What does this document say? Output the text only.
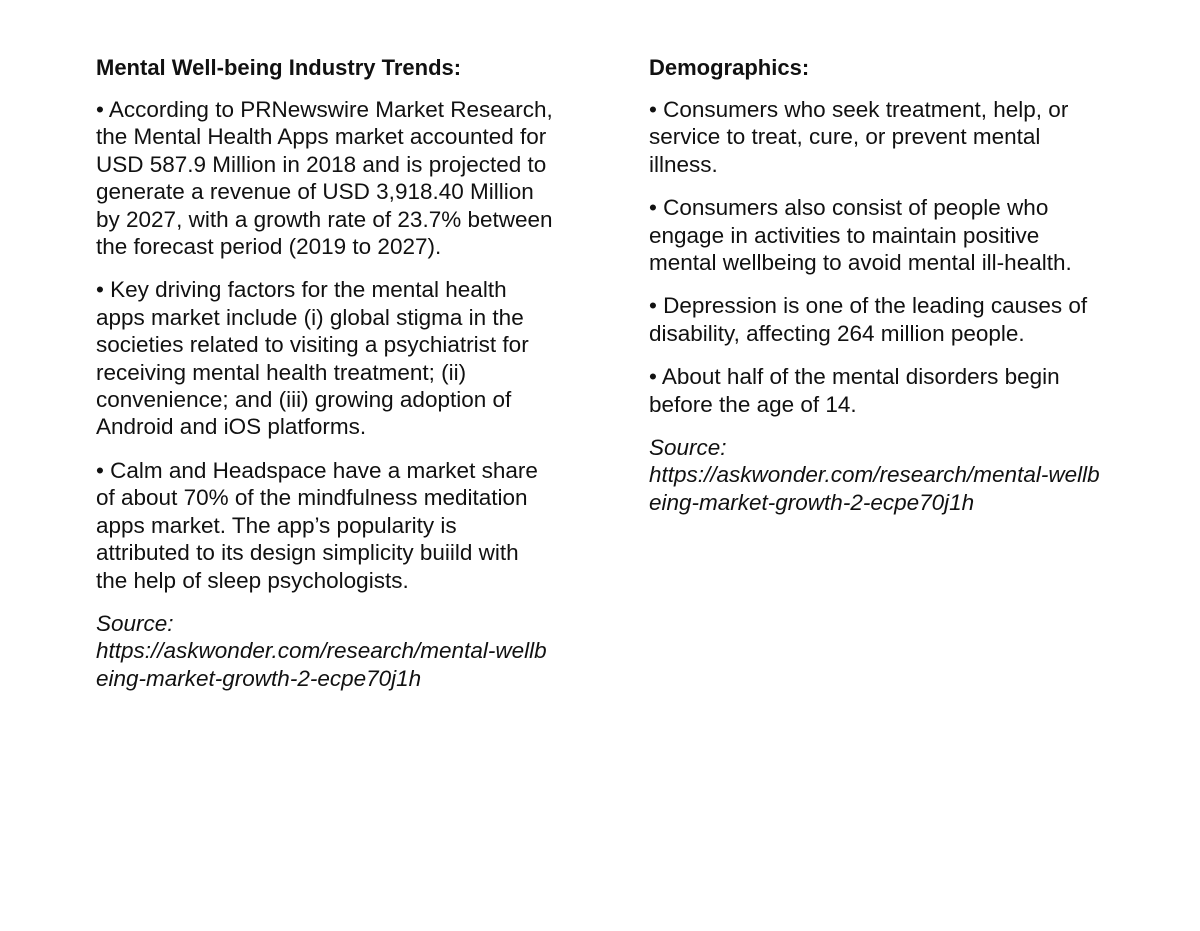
Mental Well-being Industry Trends:
• According to PRNewswire Market Research, the Mental Health Apps market accounted for USD 587.9 Million in 2018 and is projected to generate a revenue of USD 3,918.40 Million by 2027, with a growth rate of 23.7% between the forecast period (2019 to 2027).
• Key driving factors for the mental health apps market include (i) global stigma in the societies related to visiting a psychiatrist for receiving mental health treatment; (ii) convenience; and (iii) growing adoption of Android and iOS platforms.
• Calm and Headspace have a market share of about 70% of the mindfulness meditation apps market. The app’s popularity is attributed to its design simplicity buiild with the help of sleep psychologists.
Source:
https://askwonder.com/research/mental-wellbeing-market-growth-2-ecpe70j1h
Demographics:
• Consumers who seek treatment, help, or service to treat, cure, or prevent mental illness.
• Consumers also consist of people who engage in activities to maintain positive mental wellbeing to avoid mental ill-health.
• Depression is one of the leading causes of disability, affecting 264 million people.
• About half of the mental disorders begin before the age of 14.
Source:
https://askwonder.com/research/mental-wellbeing-market-growth-2-ecpe70j1h
